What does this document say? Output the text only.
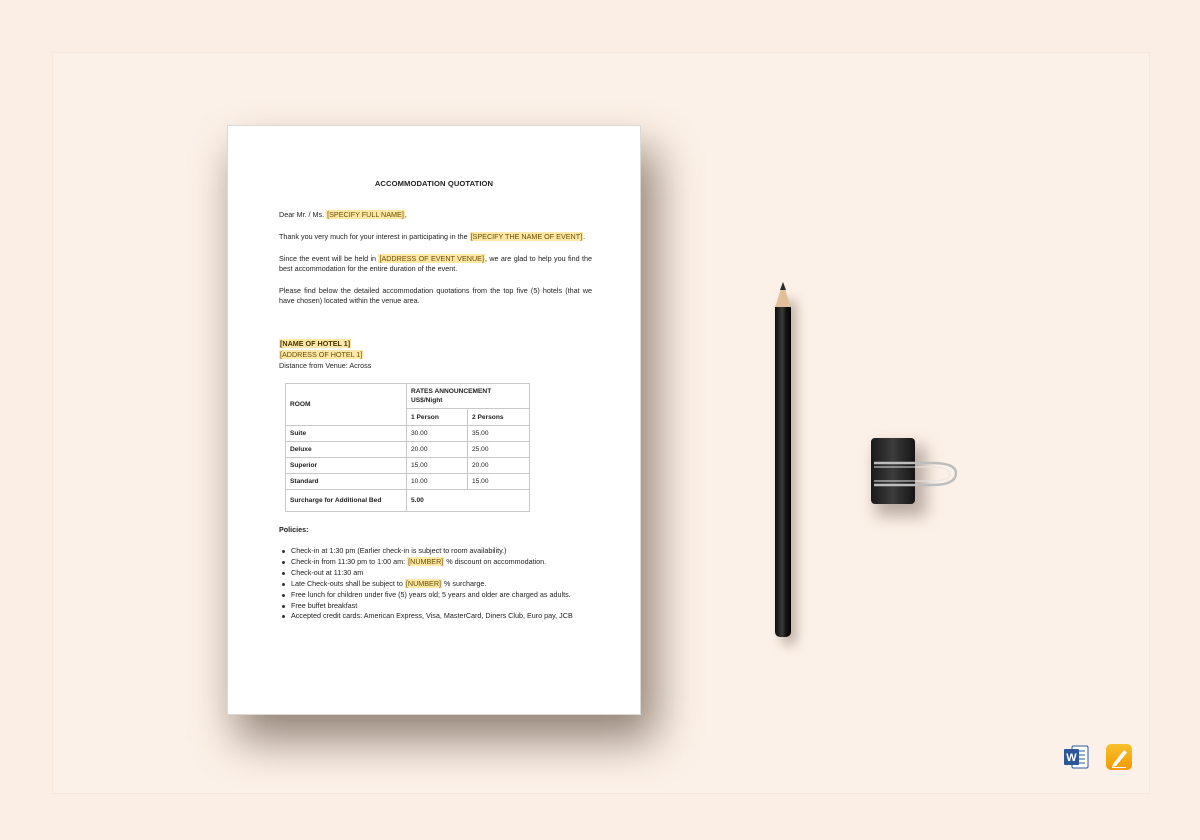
ACCOMMODATION QUOTATION

Dear Mr. / Ms. [SPECIFY FULL NAME],

Thank you very much for your interest in participating in the [SPECIFY THE NAME OF EVENT].

Since the event will be held in [ADDRESS OF EVENT VENUE], we are glad to help you find the best accommodation for the entire duration of the event.

Please find below the detailed accommodation quotations from the top five (5) hotels (that we have chosen) located within the venue area.

[NAME OF HOTEL 1]
[ADDRESS OF HOTEL 1]
Distance from Venue: Across
ROOM	RATES ANNOUNCEMENT
US$/Night	
	1 Person	2 Persons
Suite	30.00	35.00
Deluxe	20.00	25.00
Superior	15.00	20.00
Standard	10.00	15.00
Surcharge for Additional Bed	5.00	
Policies:
Check-in at 1:30 pm (Earlier check-in is subject to room availability.)
Check-in from 11:30 pm to 1:00 am: [NUMBER] % discount on accommodation.
Check-out at 11:30 am
Late Check-outs shall be subject to [NUMBER] % surcharge.
Free lunch for children under five (5) years old; 5 years and older are charged as adults.
Free buffet breakfast
Accepted credit cards: American Express, Visa, MasterCard, Diners Club, Euro pay, JCB
W
